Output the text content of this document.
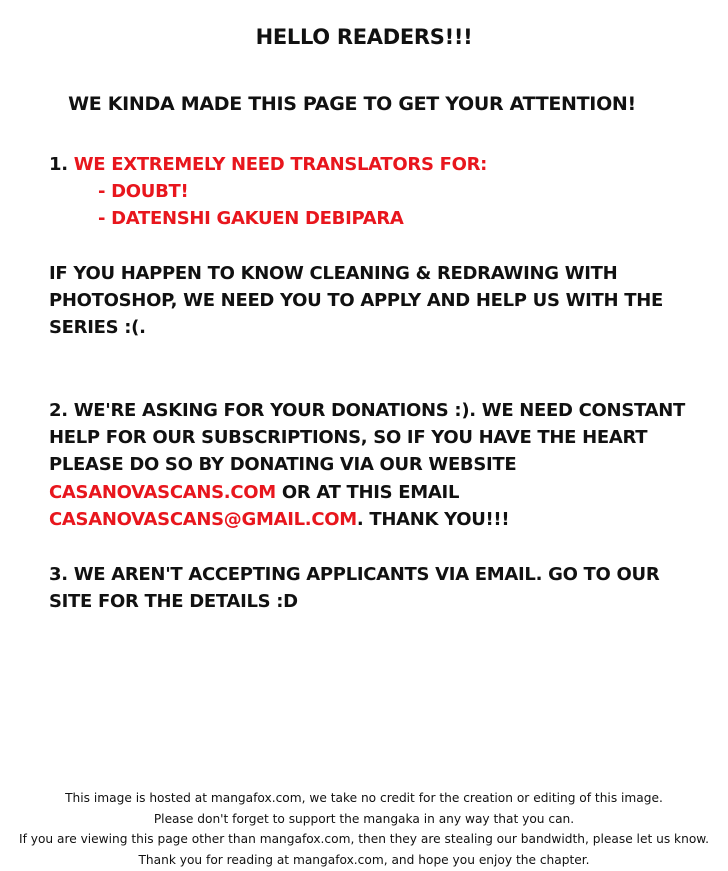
HELLO READERS!!!
WE KINDA MADE THIS PAGE TO GET YOUR ATTENTION!
1. WE EXTREMELY NEED TRANSLATORS FOR:
- DOUBT!
- DATENSHI GAKUEN DEBIPARA
IF YOU HAPPEN TO KNOW CLEANING & REDRAWING WITH
PHOTOSHOP, WE NEED YOU TO APPLY AND HELP US WITH THE
SERIES :(.
2. WE'RE ASKING FOR YOUR DONATIONS :). WE NEED CONSTANT
HELP FOR OUR SUBSCRIPTIONS, SO IF YOU HAVE THE HEART
PLEASE DO SO BY DONATING VIA OUR WEBSITE
CASANOVASCANS.COM OR AT THIS EMAIL
CASANOVASCANS@GMAIL.COM. THANK YOU!!!
3. WE AREN'T ACCEPTING APPLICANTS VIA EMAIL. GO TO OUR
SITE FOR THE DETAILS :D
This image is hosted at mangafox.com, we take no credit for the creation or editing of this image.
Please don't forget to support the mangaka in any way that you can.
If you are viewing this page other than mangafox.com, then they are stealing our bandwidth, please let us know.
Thank you for reading at mangafox.com, and hope you enjoy the chapter.
